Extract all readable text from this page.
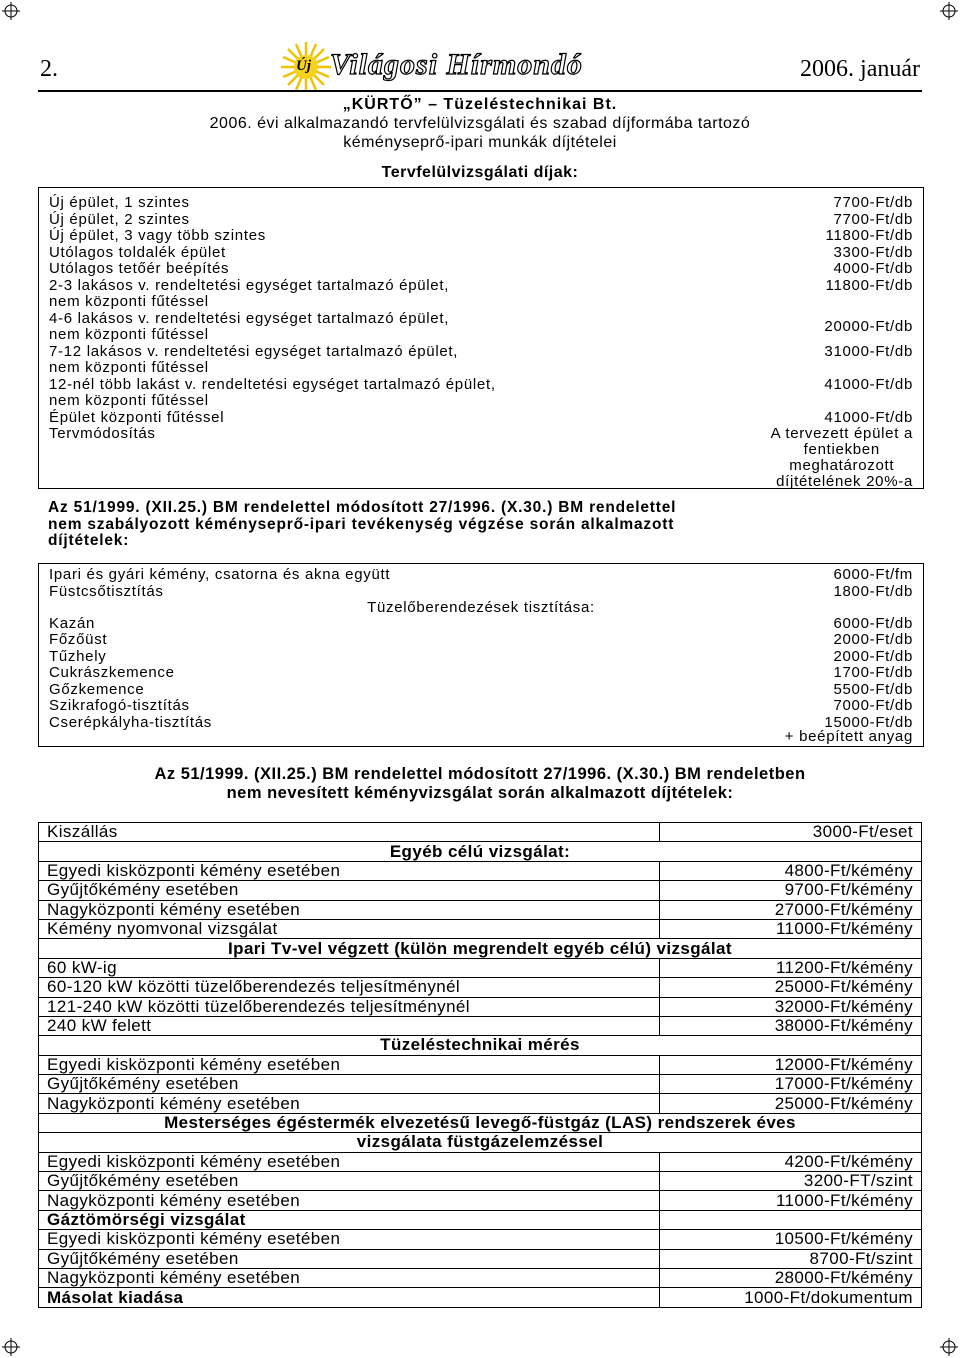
2.	Új Világosi Hírmondó	2006. január
„KÜRTŐ” – Tüzeléstechnikai Bt.
2006. évi alkalmazandó tervfelülvizsgálati és szabad díjformába tartozó
kéményseprő-ipari munkák díjtételei
Tervfelülvizsgálati díjak:
Új épület, 1 szintes	7700-Ft/db
Új épület, 2 szintes	7700-Ft/db
Új épület, 3 vagy több szintes	11800-Ft/db
Utólagos toldalék épület	3300-Ft/db
Utólagos tetőér beépítés	4000-Ft/db
2-3 lakásos v. rendeltetési egységet tartalmazó épület,	11800-Ft/db
nem központi fűtéssel
4-6 lakásos v. rendeltetési egységet tartalmazó épület,	20000-Ft/db
nem központi fűtéssel
7-12 lakásos v. rendeltetési egységet tartalmazó épület,	31000-Ft/db
nem központi fűtéssel
12-nél több lakást v. rendeltetési egységet tartalmazó épület,	41000-Ft/db
nem központi fűtéssel
Épület központi fűtéssel	41000-Ft/db
Tervmódosítás	A tervezett épület a
fentiekben
meghatározott
díjtételének 20%-a
Az 51/1999. (XII.25.) BM rendelettel módosított 27/1996. (X.30.) BM rendelettel
nem szabályozott kéményseprő-ipari tevékenység végzése során alkalmazott
díjtételek:
Ipari és gyári kémény, csatorna és akna együtt	6000-Ft/fm
Füstcsőtisztítás	1800-Ft/db
Tüzelőberendezések tisztítása:
Kazán	6000-Ft/db
Főzőüst	2000-Ft/db
Tűzhely	2000-Ft/db
Cukrászkemence	1700-Ft/db
Gőzkemence	5500-Ft/db
Szikrafogó-tisztítás	7000-Ft/db
Cserépkályha-tisztítás	15000-Ft/db
+ beépített anyag
Az 51/1999. (XII.25.) BM rendelettel módosított 27/1996. (X.30.) BM rendeletben
nem nevesített kéményvizsgálat során alkalmazott díjtételek:
Kiszállás	3000-Ft/eset
Egyéb célú vizsgálat:	
Egyedi kisközponti kémény esetében	4800-Ft/kémény
Gyűjtőkémény esetében	9700-Ft/kémény
Nagyközponti kémény esetében	27000-Ft/kémény
Kémény nyomvonal vizsgálat	11000-Ft/kémény
Ipari Tv-vel végzett (külön megrendelt egyéb célú) vizsgálat	
60 kW-ig	11200-Ft/kémény
60-120 kW közötti tüzelőberendezés teljesítménynél	25000-Ft/kémény
121-240 kW közötti tüzelőberendezés teljesítménynél	32000-Ft/kémény
240 kW felett	38000-Ft/kémény
Tüzeléstechnikai mérés	
Egyedi kisközponti kémény esetében	12000-Ft/kémény
Gyűjtőkémény esetében	17000-Ft/kémény
Nagyközponti kémény esetében	25000-Ft/kémény
Mesterséges égéstermék elvezetésű levegő-füstgáz (LAS) rendszerek éves	
vizsgálata füstgázelemzéssel	
Egyedi kisközponti kémény esetében	4200-Ft/kémény
Gyűjtőkémény esetében	3200-FT/szint
Nagyközponti kémény esetében	11000-Ft/kémény
Gáztömörségi vizsgálat	
Egyedi kisközponti kémény esetében	10500-Ft/kémény
Gyűjtőkémény esetében	8700-Ft/szint
Nagyközponti kémény esetében	28000-Ft/kémény
Másolat kiadása	1000-Ft/dokumentum
